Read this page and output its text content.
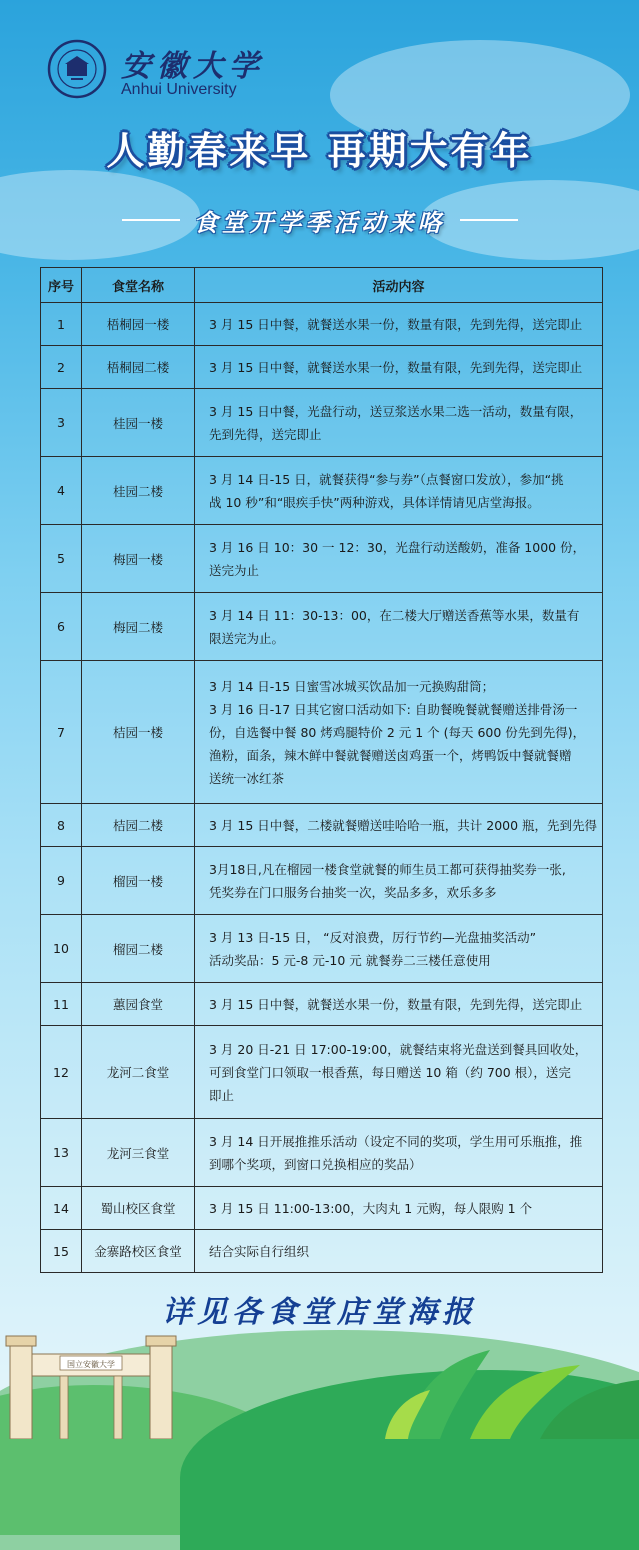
安徽大学
Anhui University
人勤春来早 再期大有年
食堂开学季活动来咯
序号	食堂名称	活动内容
1	梧桐园一楼	3 月 15 日中餐，就餐送水果一份，数量有限，先到先得，送完即止

2	梧桐园二楼	3 月 15 日中餐，就餐送水果一份，数量有限，先到先得，送完即止

3	桂园一楼	3 月 15 日中餐，光盘行动，送豆浆送水果二选一活动，数量有限，
先到先得，送完即止

4	桂园二楼	3 月 14 日-15 日，就餐获得“参与券”（点餐窗口发放），参加“挑
战 10 秒”和“眼疾手快”两种游戏，具体详情请见店堂海报。

5	梅园一楼	3 月 16 日 10：30 一 12：30，光盘行动送酸奶，准备 1000 份，
送完为止

6	梅园二楼	3 月 14 日 11：30-13：00，在二楼大厅赠送香蕉等水果，数量有
限送完为止。

7	桔园一楼	3 月 14 日-15 日蜜雪冰城买饮品加一元换购甜筒；
3 月 16 日-17 日其它窗口活动如下: 自助餐晚餐就餐赠送排骨汤一
份，自选餐中餐 80 烤鸡腿特价 2 元 1 个 (每天 600 份先到先得)，
渔粉，面条，辣木鲜中餐就餐赠送卤鸡蛋一个，烤鸭饭中餐就餐赠
送统一冰红茶

8	桔园二楼	3 月 15 日中餐，二楼就餐赠送哇哈哈一瓶，共计 2000 瓶，先到先得

9	榴园一楼	3月18日,凡在榴园一楼食堂就餐的师生员工都可获得抽奖券一张,
凭奖券在门口服务台抽奖一次，奖品多多，欢乐多多

10	榴园二楼	3 月 13 日-15 日， “反对浪费，厉行节约—光盘抽奖活动”
活动奖品：5 元-8 元-10 元 就餐券二三楼任意使用

11	蕙园食堂	3 月 15 日中餐，就餐送水果一份，数量有限，先到先得，送完即止

12	龙河二食堂	3 月 20 日-21 日 17:00-19:00，就餐结束将光盘送到餐具回收处，
可到食堂门口领取一根香蕉，每日赠送 10 箱（约 700 根），送完
即止

13	龙河三食堂	3 月 14 日开展推推乐活动（设定不同的奖项，学生用可乐瓶推，推
到哪个奖项，到窗口兑换相应的奖品）

14	蜀山校区食堂	3 月 15 日 11:00-13:00，大肉丸 1 元购，每人限购 1 个

15	金寨路校区食堂	结合实际自行组织
详见各食堂店堂海报
国立安徽大学
